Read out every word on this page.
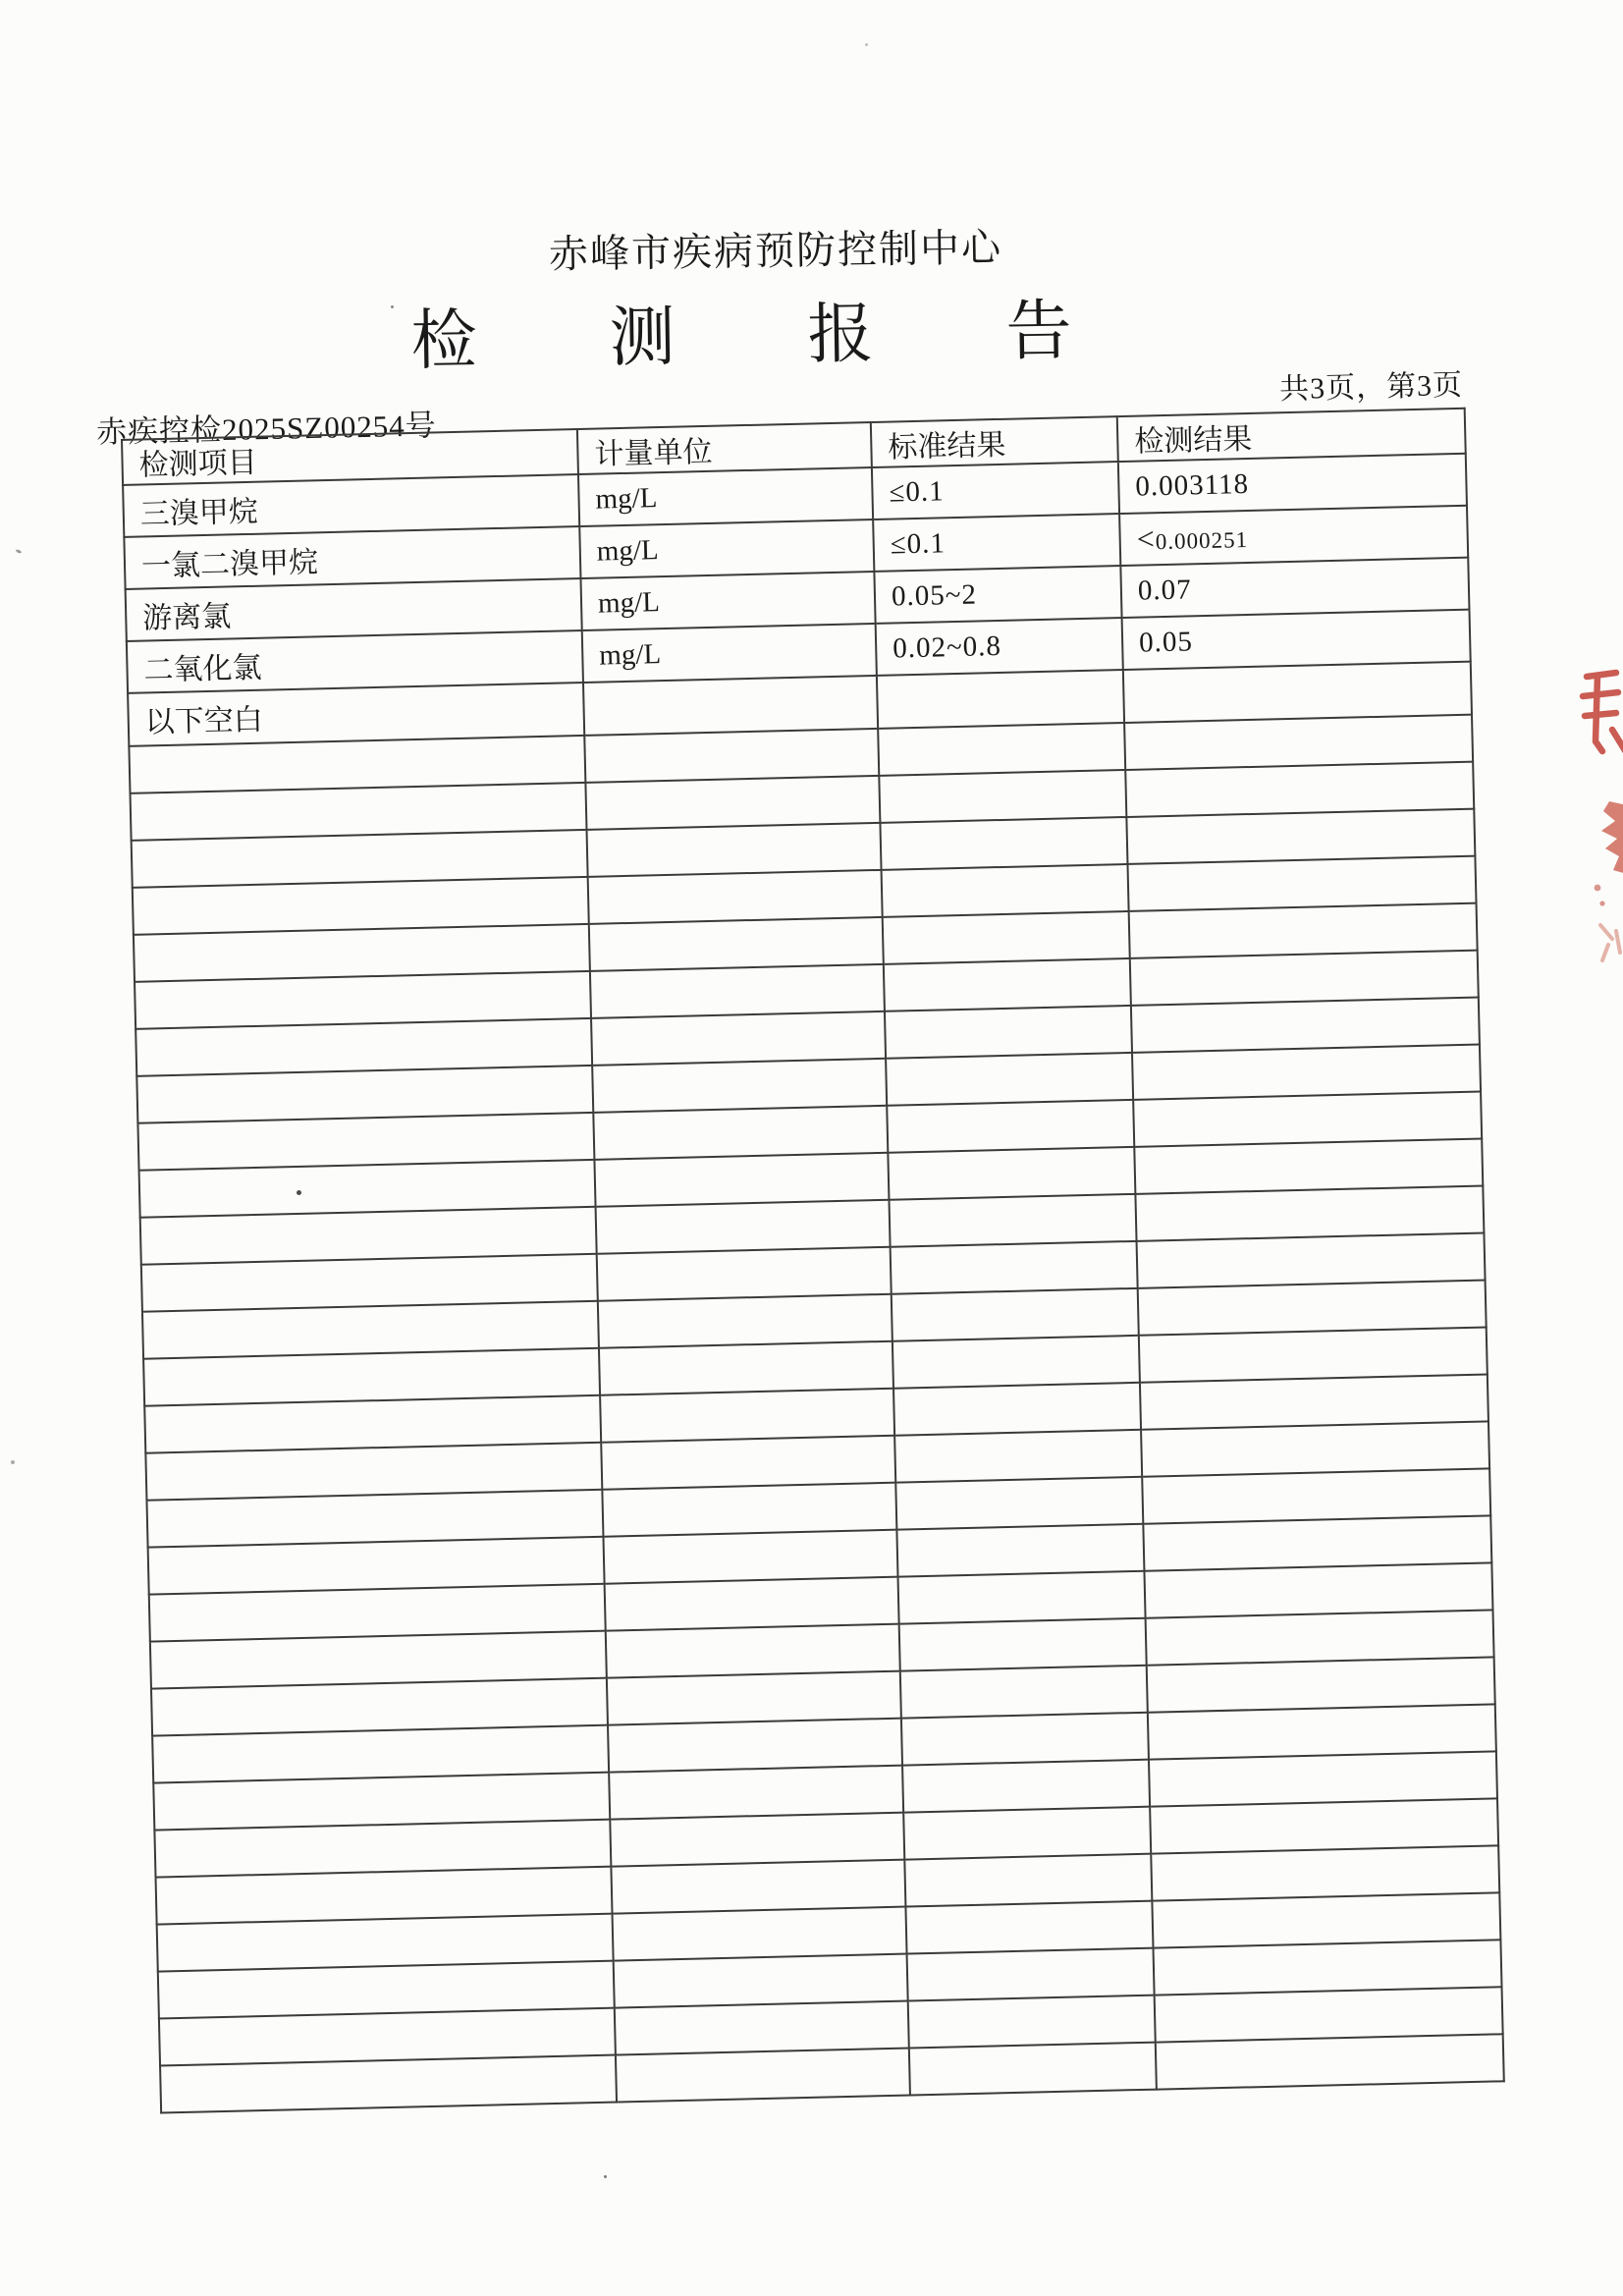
赤峰市疾病预防控制中心
检测报告
共3页，第3页
赤疾控检2025SZ00254号
检测项目	计量单位	标准结果	检测结果
三溴甲烷	mg/L	≤0.1	0.003118
一氯二溴甲烷	mg/L	≤0.1	<0.000251
游离氯	mg/L	0.05~2	0.07
二氧化氯	mg/L	0.02~0.8	0.05
以下空白			
